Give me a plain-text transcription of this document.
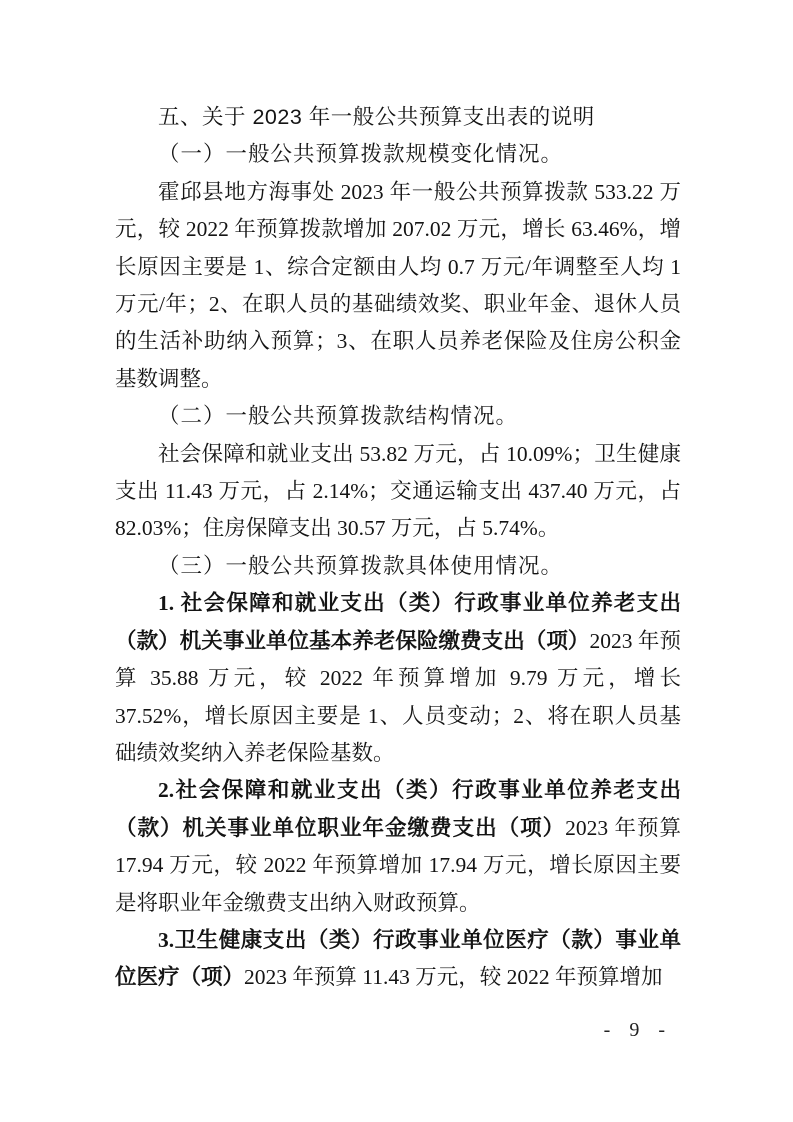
五、关于 2023 年一般公共预算支出表的说明
（一）一般公共预算拨款规模变化情况。

霍邱县地方海事处 2023 年一般公共预算拨款 533.22 万元，较 2022 年预算拨款增加 207.02 万元，增长 63.46%，增长原因主要是 1、综合定额由人均 0.7 万元/年调整至人均 1 万元/年；2、在职人员的基础绩效奖、职业年金、退休人员的生活补助纳入预算；3、在职人员养老保险及住房公积金基数调整。

（二）一般公共预算拨款结构情况。

社会保障和就业支出 53.82 万元，占 10.09%；卫生健康支出 11.43 万元，占 2.14%；交通运输支出 437.40 万元，占 82.03%；住房保障支出 30.57 万元，占 5.74%。

（三）一般公共预算拨款具体使用情况。

1. 社会保障和就业支出（类）行政事业单位养老支出（款）机关事业单位基本养老保险缴费支出（项）2023 年预算 35.88 万元，较 2022 年预算增加 9.79 万元，增长 37.52%，增长原因主要是 1、人员变动；2、将在职人员基础绩效奖纳入养老保险基数。

2.社会保障和就业支出（类）行政事业单位养老支出（款）机关事业单位职业年金缴费支出（项）2023 年预算 17.94 万元，较 2022 年预算增加 17.94 万元，增长原因主要是将职业年金缴费支出纳入财政预算。

3.卫生健康支出（类）行政事业单位医疗（款）事业单位医疗（项）2023 年预算 11.43 万元，较 2022 年预算增加

- 9 -
